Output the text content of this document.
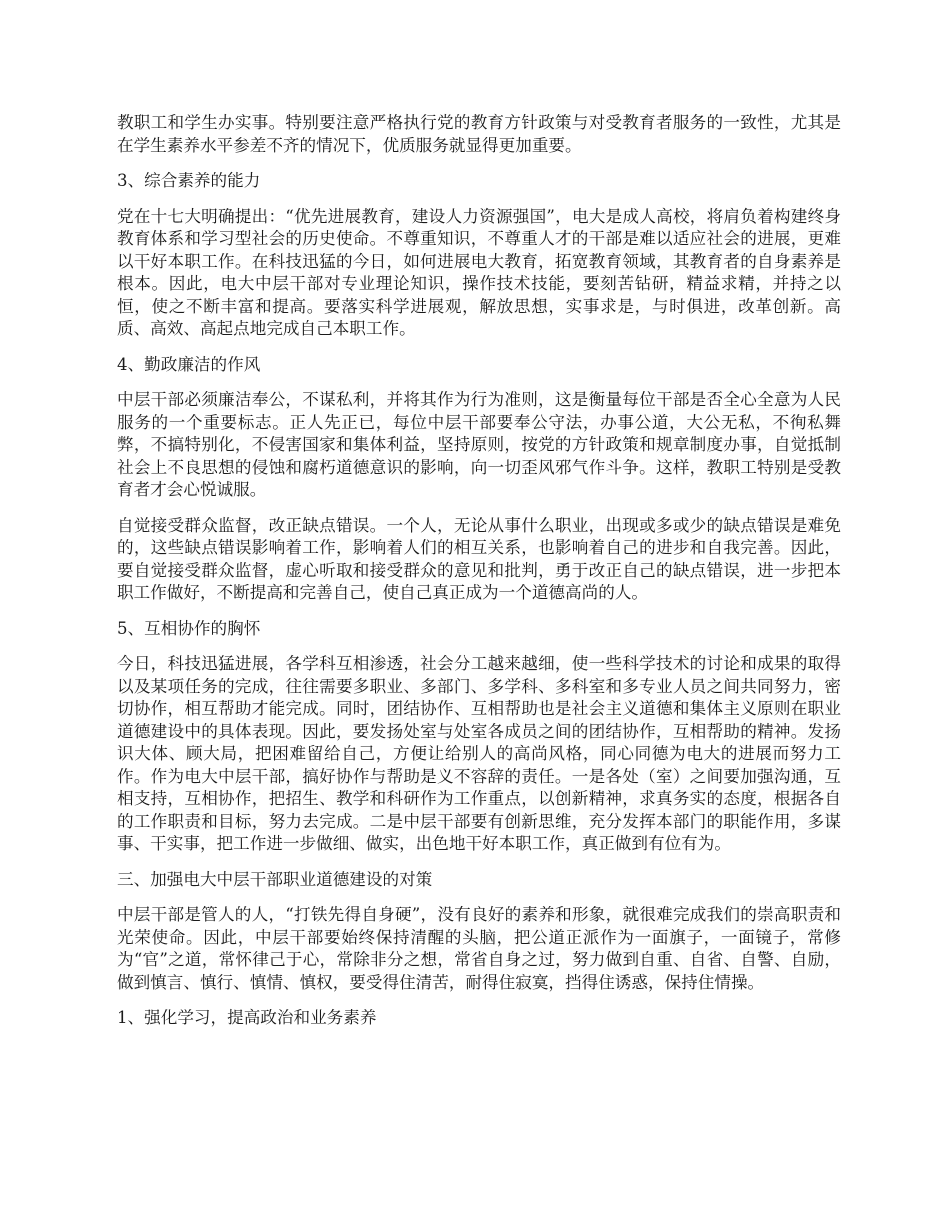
教职工和学生办实事。特别要注意严格执行党的教育方针政策与对受教育者服务的一致性，尤其是在学生素养水平参差不齐的情况下，优质服务就显得更加重要。

3、综合素养的能力

党在十七大明确提出：“优先进展教育，建设人力资源强国”，电大是成人高校，将肩负着构建终身教育体系和学习型社会的历史使命。不尊重知识，不尊重人才的干部是难以适应社会的进展，更难以干好本职工作。在科技迅猛的今日，如何进展电大教育，拓宽教育领域，其教育者的自身素养是根本。因此，电大中层干部对专业理论知识，操作技术技能，要刻苦钻研，精益求精，并持之以恒，使之不断丰富和提高。要落实科学进展观，解放思想，实事求是，与时俱进，改革创新。高质、高效、高起点地完成自己本职工作。

4、勤政廉洁的作风

中层干部必须廉洁奉公，不谋私利，并将其作为行为准则，这是衡量每位干部是否全心全意为人民服务的一个重要标志。正人先正已，每位中层干部要奉公守法，办事公道，大公无私，不徇私舞弊，不搞特别化，不侵害国家和集体利益，坚持原则，按党的方针政策和规章制度办事，自觉抵制社会上不良思想的侵蚀和腐朽道德意识的影响，向一切歪风邪气作斗争。这样，教职工特别是受教育者才会心悦诚服。

自觉接受群众监督，改正缺点错误。一个人，无论从事什么职业，出现或多或少的缺点错误是难免的，这些缺点错误影响着工作，影响着人们的相互关系，也影响着自己的进步和自我完善。因此，要自觉接受群众监督，虚心听取和接受群众的意见和批判，勇于改正自己的缺点错误，进一步把本职工作做好，不断提高和完善自己，使自己真正成为一个道德高尚的人。

5、互相协作的胸怀

今日，科技迅猛进展，各学科互相渗透，社会分工越来越细，使一些科学技术的讨论和成果的取得以及某项任务的完成，往往需要多职业、多部门、多学科、多科室和多专业人员之间共同努力，密切协作，相互帮助才能完成。同时，团结协作、互相帮助也是社会主义道德和集体主义原则在职业道德建设中的具体表现。因此，要发扬处室与处室各成员之间的团结协作，互相帮助的精神。发扬识大体、顾大局，把困难留给自己，方便让给别人的高尚风格，同心同德为电大的进展而努力工作。作为电大中层干部，搞好协作与帮助是义不容辞的责任。一是各处（室）之间要加强沟通，互相支持，互相协作，把招生、教学和科研作为工作重点，以创新精神，求真务实的态度，根据各自的工作职责和目标，努力去完成。二是中层干部要有创新思维，充分发挥本部门的职能作用，多谋事、干实事，把工作进一步做细、做实，出色地干好本职工作，真正做到有位有为。

三、加强电大中层干部职业道德建设的对策

中层干部是管人的人，“打铁先得自身硬”，没有良好的素养和形象，就很难完成我们的崇高职责和光荣使命。因此，中层干部要始终保持清醒的头脑，把公道正派作为一面旗子，一面镜子，常修为“官”之道，常怀律己于心，常除非分之想，常省自身之过，努力做到自重、自省、自警、自励，做到慎言、慎行、慎情、慎权，要受得住清苦，耐得住寂寞，挡得住诱惑，保持住情操。

1、强化学习，提高政治和业务素养
